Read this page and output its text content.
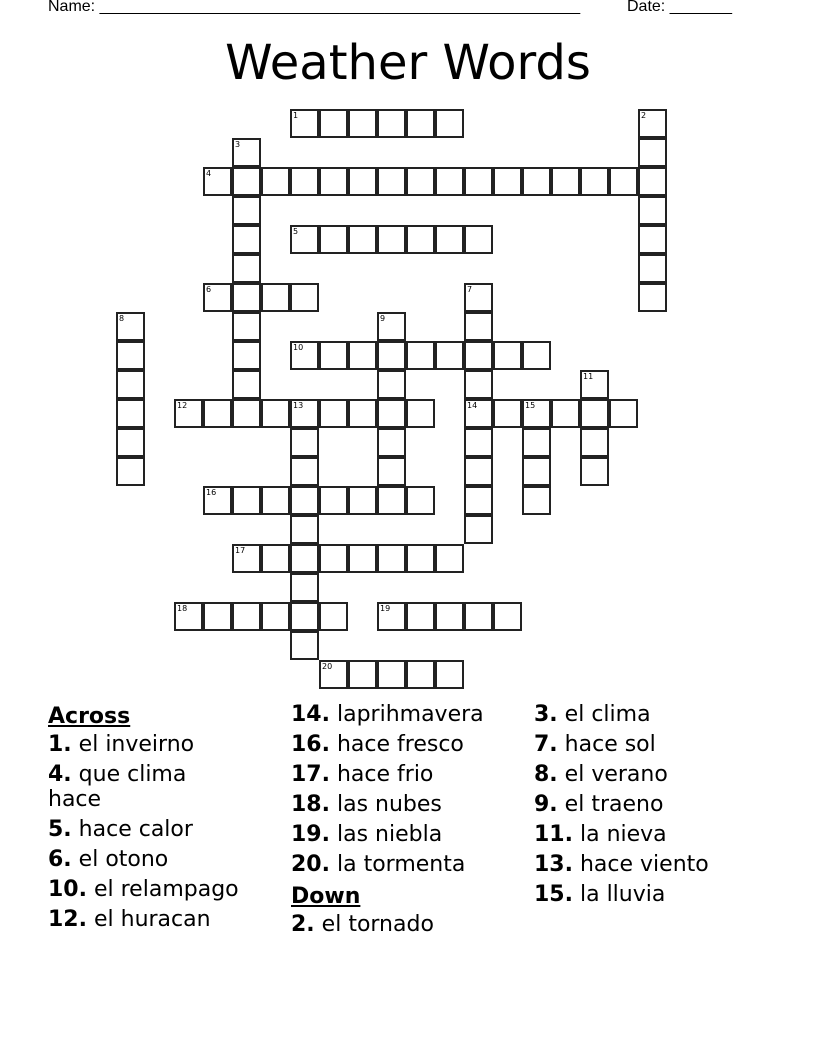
Name: ______________________________________________________	Date: _______
Weather Words
1	2
3
4
5
6	7
14
8	9
10
11
12	13	15
16
17
18	19
20
Across
1. el inveirno
4. que clima hace
5. hace calor
6. el otono
10. el relampago
12. el huracan
14. laprihmavera
16. hace fresco
17. hace frio
18. las nubes
19. las niebla
20. la tormenta
Down
2. el tornado
3. el clima
7. hace sol
8. el verano
9. el traeno
11. la nieva
13. hace viento
15. la lluvia
